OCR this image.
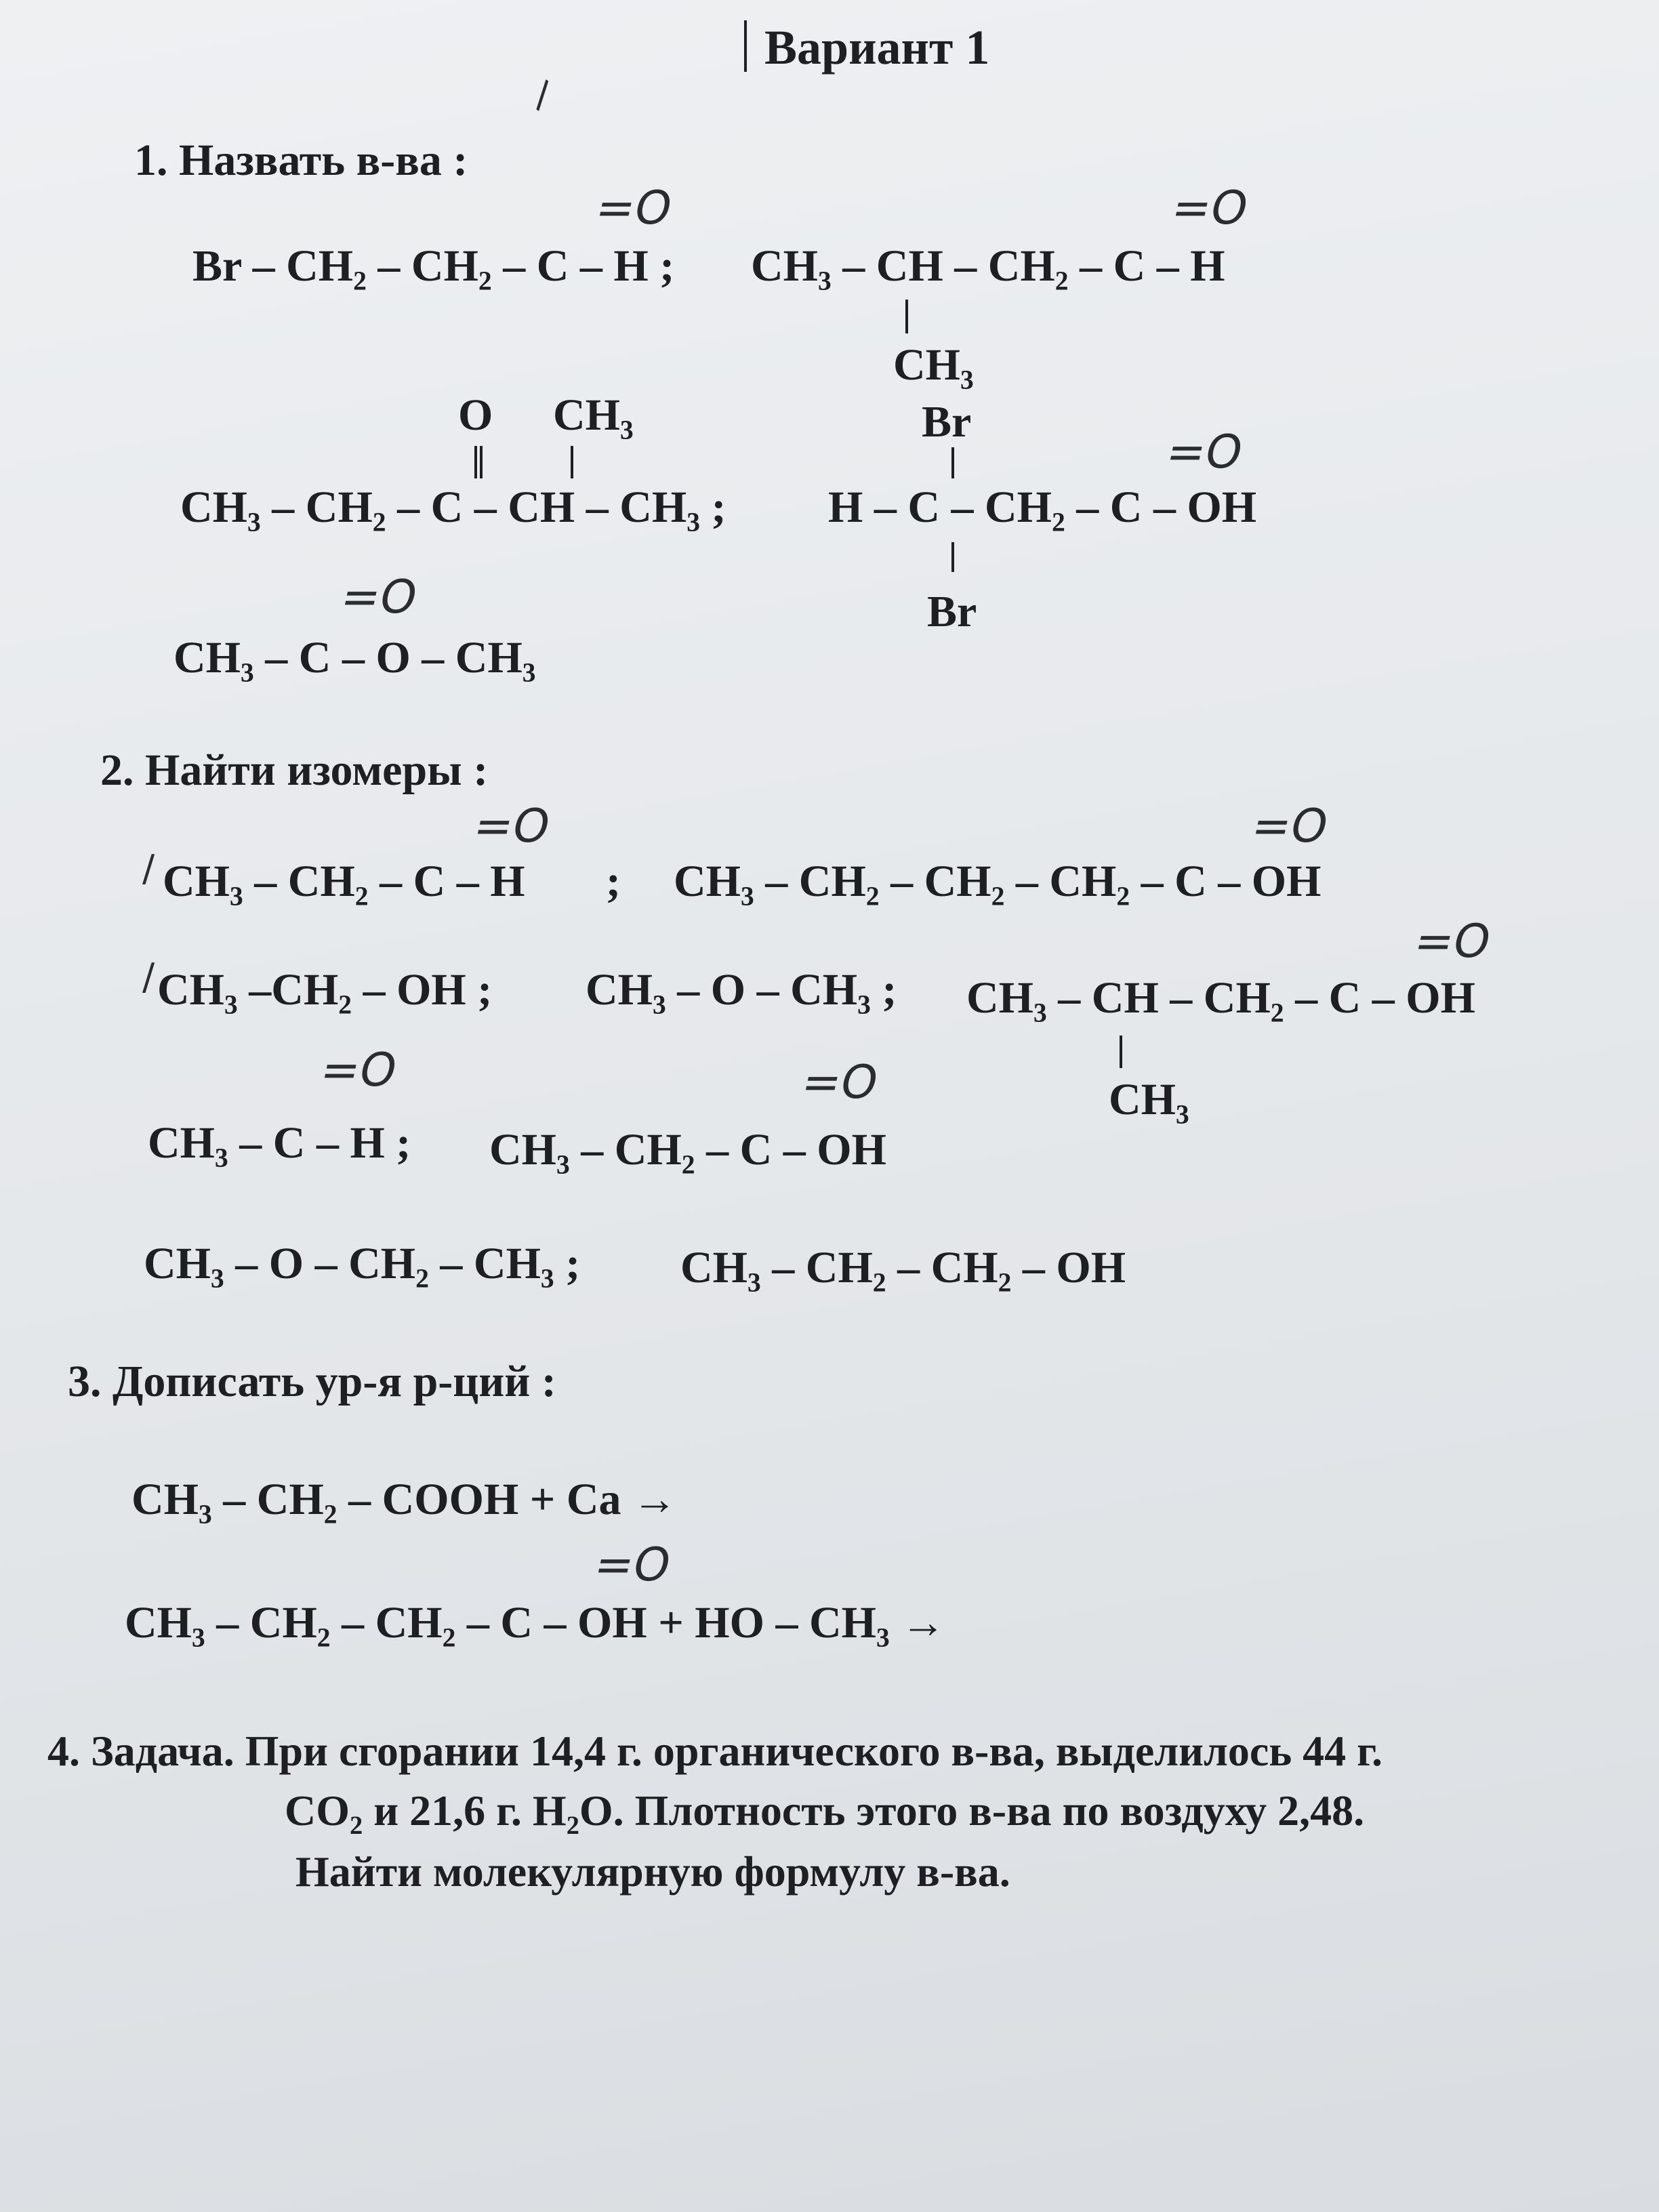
Вариант 1
\
1. Назвать в-ва :
=O
Br – CH₂ – CH₂ – C – H ;
=O
CH₃ – CH – CH₂ – C – H
CH₃
O CH₃
CH₃ – CH₂ – C – CH – CH₃ ;
Br
=O
H – C – CH₂ – C – OH
Br
=O
CH₃ – C – O – CH₃
2. Найти изомеры :
/
=O
CH₃ – CH₂ – C – H ;
=O
CH₃ – CH₂ – CH₂ – CH₂ – C – OH
/ CH₃ –CH₂ – OH ; CH₃ – O – CH₃ ;
=O
CH₃ – CH – CH₂ – C – OH
CH₃
=O
CH₃ – C – H ;
=O
CH₃ – CH₂ – C – OH
CH₃ – O – CH₂ – CH₃ ; CH₃ – CH₂ – CH₂ – OH
3. Дописать ур-я р-ций :
CH₃ – CH₂ – COOH + Ca →
=O
CH₃ – CH₂ – CH₂ – C – OH + HO – CH₃ →
4. Задача. При сгорании 14,4 г. органического в-ва, выделилось 44 г.
CO₂ и 21,6 г. H₂O. Плотность этого в-ва по воздуху 2,48.
Найти молекулярную формулу в-ва.
